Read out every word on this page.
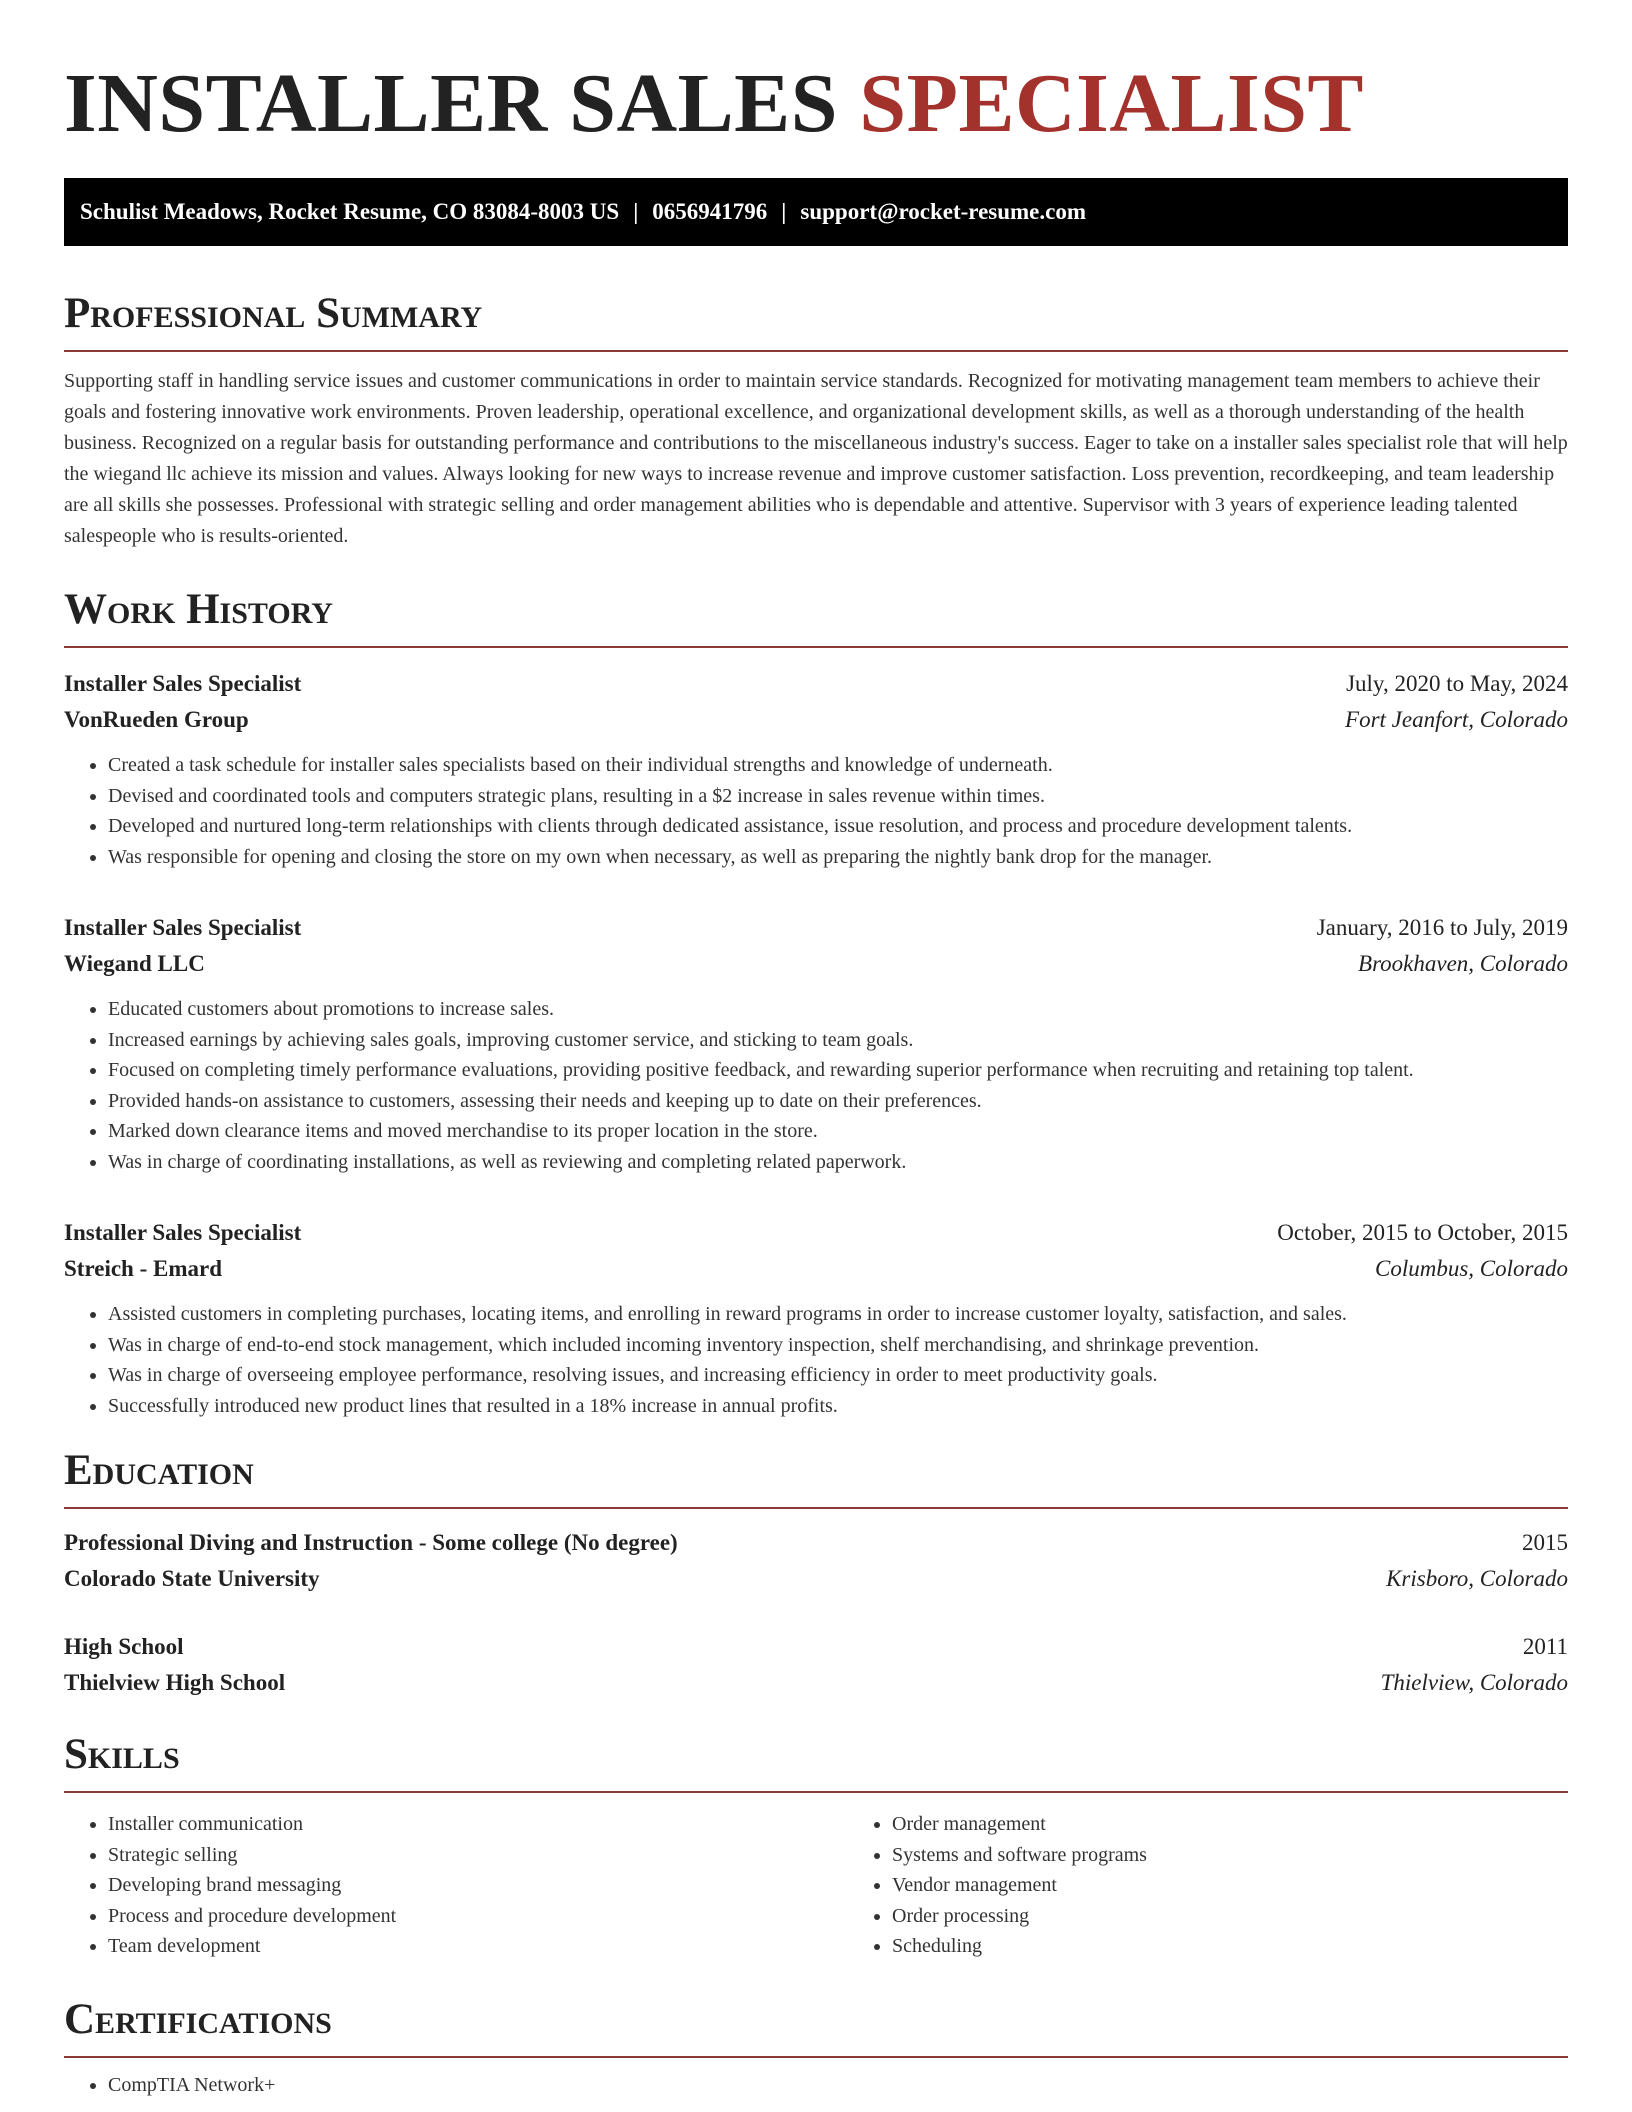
INSTALLER SALES SPECIALIST
Schulist Meadows, Rocket Resume, CO 83084-8003 US | 0656941796 | support@rocket-resume.com
Professional Summary

Supporting staff in handling service issues and customer communications in order to maintain service standards. Recognized for motivating management team members to achieve their goals and fostering innovative work environments. Proven leadership, operational excellence, and organizational development skills, as well as a thorough understanding of the health business. Recognized on a regular basis for outstanding performance and contributions to the miscellaneous industry's success. Eager to take on a installer sales specialist role that will help the wiegand llc achieve its mission and values. Always looking for new ways to increase revenue and improve customer satisfaction. Loss prevention, recordkeeping, and team leadership are all skills she possesses. Professional with strategic selling and order management abilities who is dependable and attentive. Supervisor with 3 years of experience leading talented salespeople who is results-oriented.

Work History
Installer Sales Specialist	July, 2020 to May, 2024
VonRueden Group	Fort Jeanfort, Colorado
• Created a task schedule for installer sales specialists based on their individual strengths and knowledge of underneath.
• Devised and coordinated tools and computers strategic plans, resulting in a $2 increase in sales revenue within times.
• Developed and nurtured long-term relationships with clients through dedicated assistance, issue resolution, and process and procedure development talents.
• Was responsible for opening and closing the store on my own when necessary, as well as preparing the nightly bank drop for the manager.
Installer Sales Specialist	January, 2016 to July, 2019
Wiegand LLC	Brookhaven, Colorado
• Educated customers about promotions to increase sales.
• Increased earnings by achieving sales goals, improving customer service, and sticking to team goals.
• Focused on completing timely performance evaluations, providing positive feedback, and rewarding superior performance when recruiting and retaining top talent.
• Provided hands-on assistance to customers, assessing their needs and keeping up to date on their preferences.
• Marked down clearance items and moved merchandise to its proper location in the store.
• Was in charge of coordinating installations, as well as reviewing and completing related paperwork.
Installer Sales Specialist	October, 2015 to October, 2015
Streich - Emard	Columbus, Colorado
• Assisted customers in completing purchases, locating items, and enrolling in reward programs in order to increase customer loyalty, satisfaction, and sales.
• Was in charge of end-to-end stock management, which included incoming inventory inspection, shelf merchandising, and shrinkage prevention.
• Was in charge of overseeing employee performance, resolving issues, and increasing efficiency in order to meet productivity goals.
• Successfully introduced new product lines that resulted in a 18% increase in annual profits.
Education
Professional Diving and Instruction - Some college (No degree)	2015
Colorado State University	Krisboro, Colorado
High School	2011
Thielview High School	Thielview, Colorado
Skills
• Installer communication
• Strategic selling
• Developing brand messaging
• Process and procedure development
• Team development
• Order management
• Systems and software programs
• Vendor management
• Order processing
• Scheduling
Certifications
• CompTIA Network+
